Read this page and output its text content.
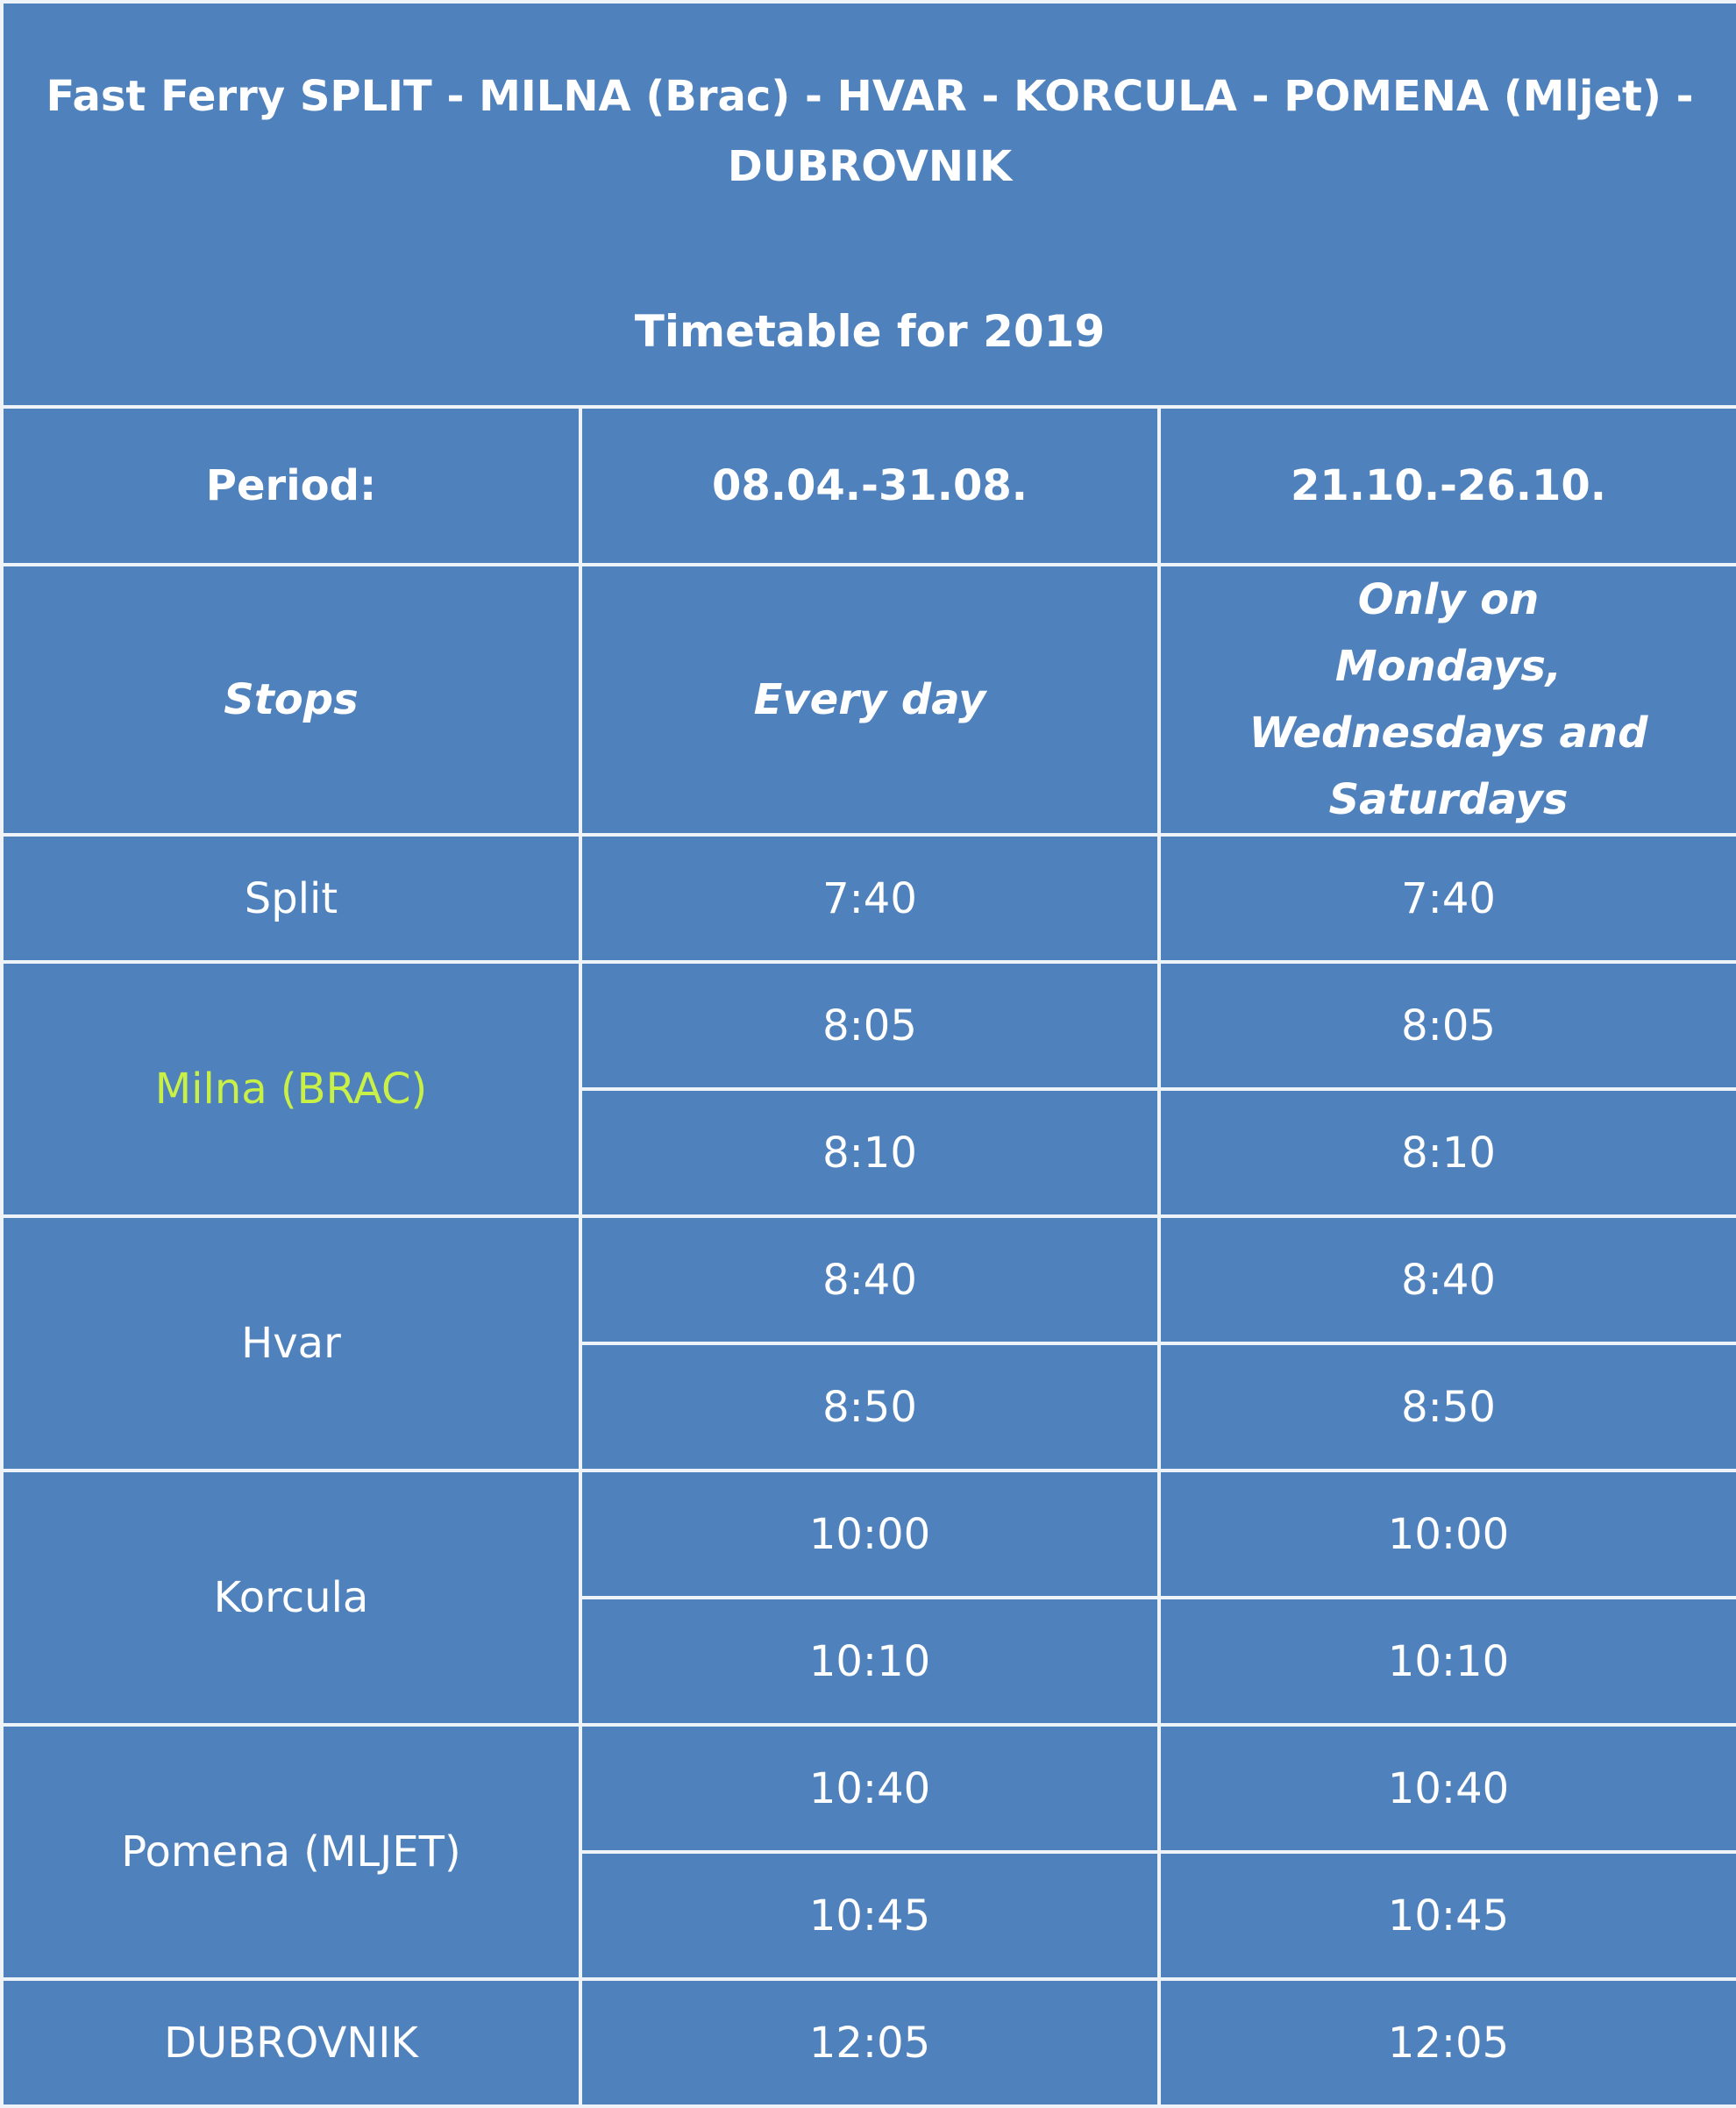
Fast Ferry SPLIT - MILNA (Brac) - HVAR - KORCULA - POMENA (Mljet) - DUBROVNIK
Timetable for 2019		

Period:	08.04.-31.08.	21.10.-26.10.
Stops	Every day	Only on Mondays, Wednesdays and Saturdays
Split	7:40	7:40
Milna (BRAC)	8:05	8:05
	8:10	8:10
Hvar	8:40	8:40
	8:50	8:50
Korcula	10:00	10:00
	10:10	10:10
Pomena (MLJET)	10:40	10:40
	10:45	10:45
DUBROVNIK	12:05	12:05
